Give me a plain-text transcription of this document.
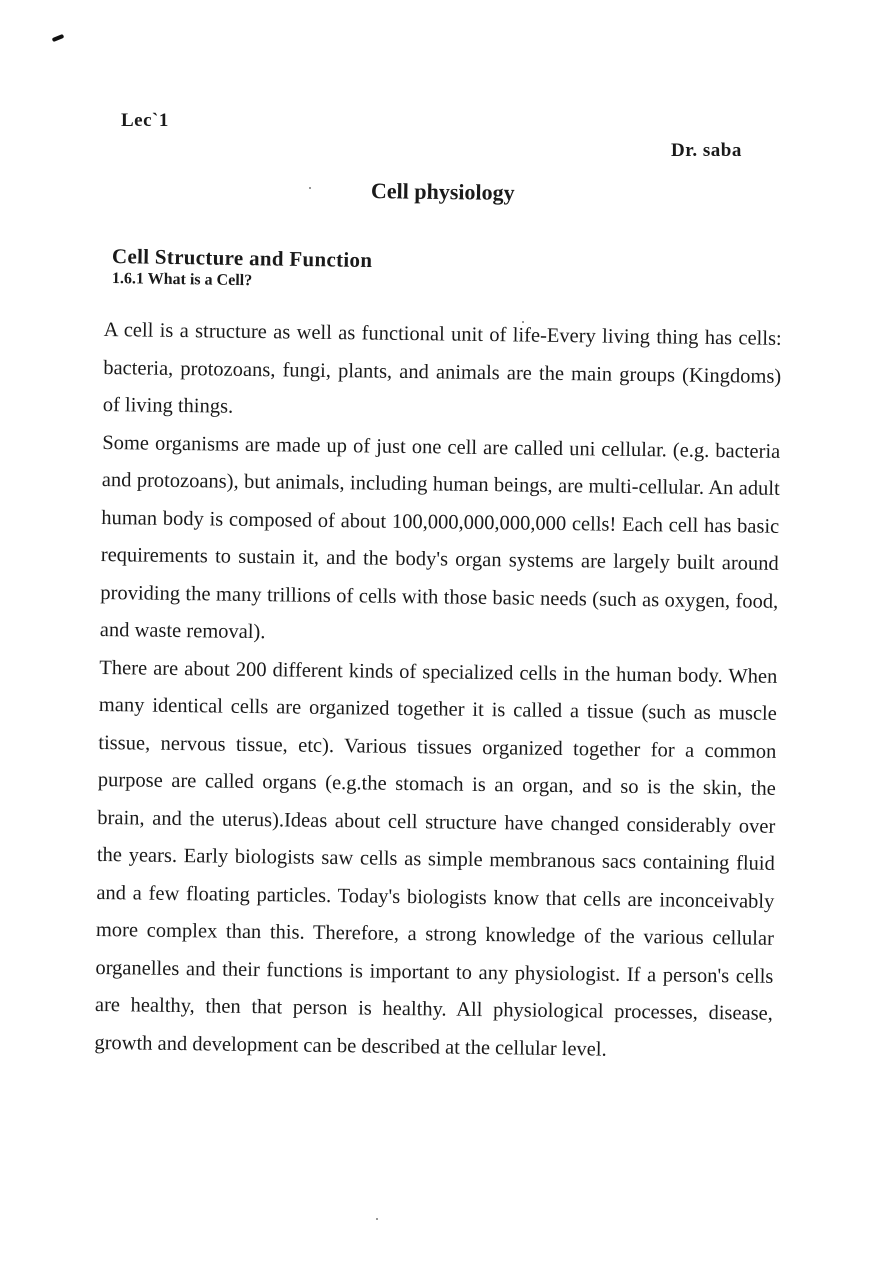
Lec`1
Dr. saba
Cell physiology
Cell Structure and Function
1.6.1 What is a Cell?

A cell is a structure as well as functional unit of life-Every living thing has cells: bacteria, protozoans, fungi, plants, and animals are the main groups (Kingdoms) of living things.

Some organisms are made up of just one cell are called uni cellular. (e.g. bacteria and protozoans), but animals, including human beings, are multi-cellular. An adult human body is composed of about 100,000,000,000,000 cells! Each cell has basic requirements to sustain it, and the body's organ systems are largely built around providing the many trillions of cells with those basic needs (such as oxygen, food, and waste removal).

There are about 200 different kinds of specialized cells in the human body. When many identical cells are organized together it is called a tissue (such as muscle tissue, nervous tissue, etc). Various tissues organized together for a common purpose are called organs (e.g.the stomach is an organ, and so is the skin, the brain, and the uterus).Ideas about cell structure have changed considerably over the years. Early biologists saw cells as simple membranous sacs containing fluid and a few floating particles. Today's biologists know that cells are inconceivably more complex than this. Therefore, a strong knowledge of the various cellular organelles and their functions is important to any physiologist. If a person's cells are healthy, then that person is healthy. All physiological processes, disease, growth and development can be described at the cellular level.
